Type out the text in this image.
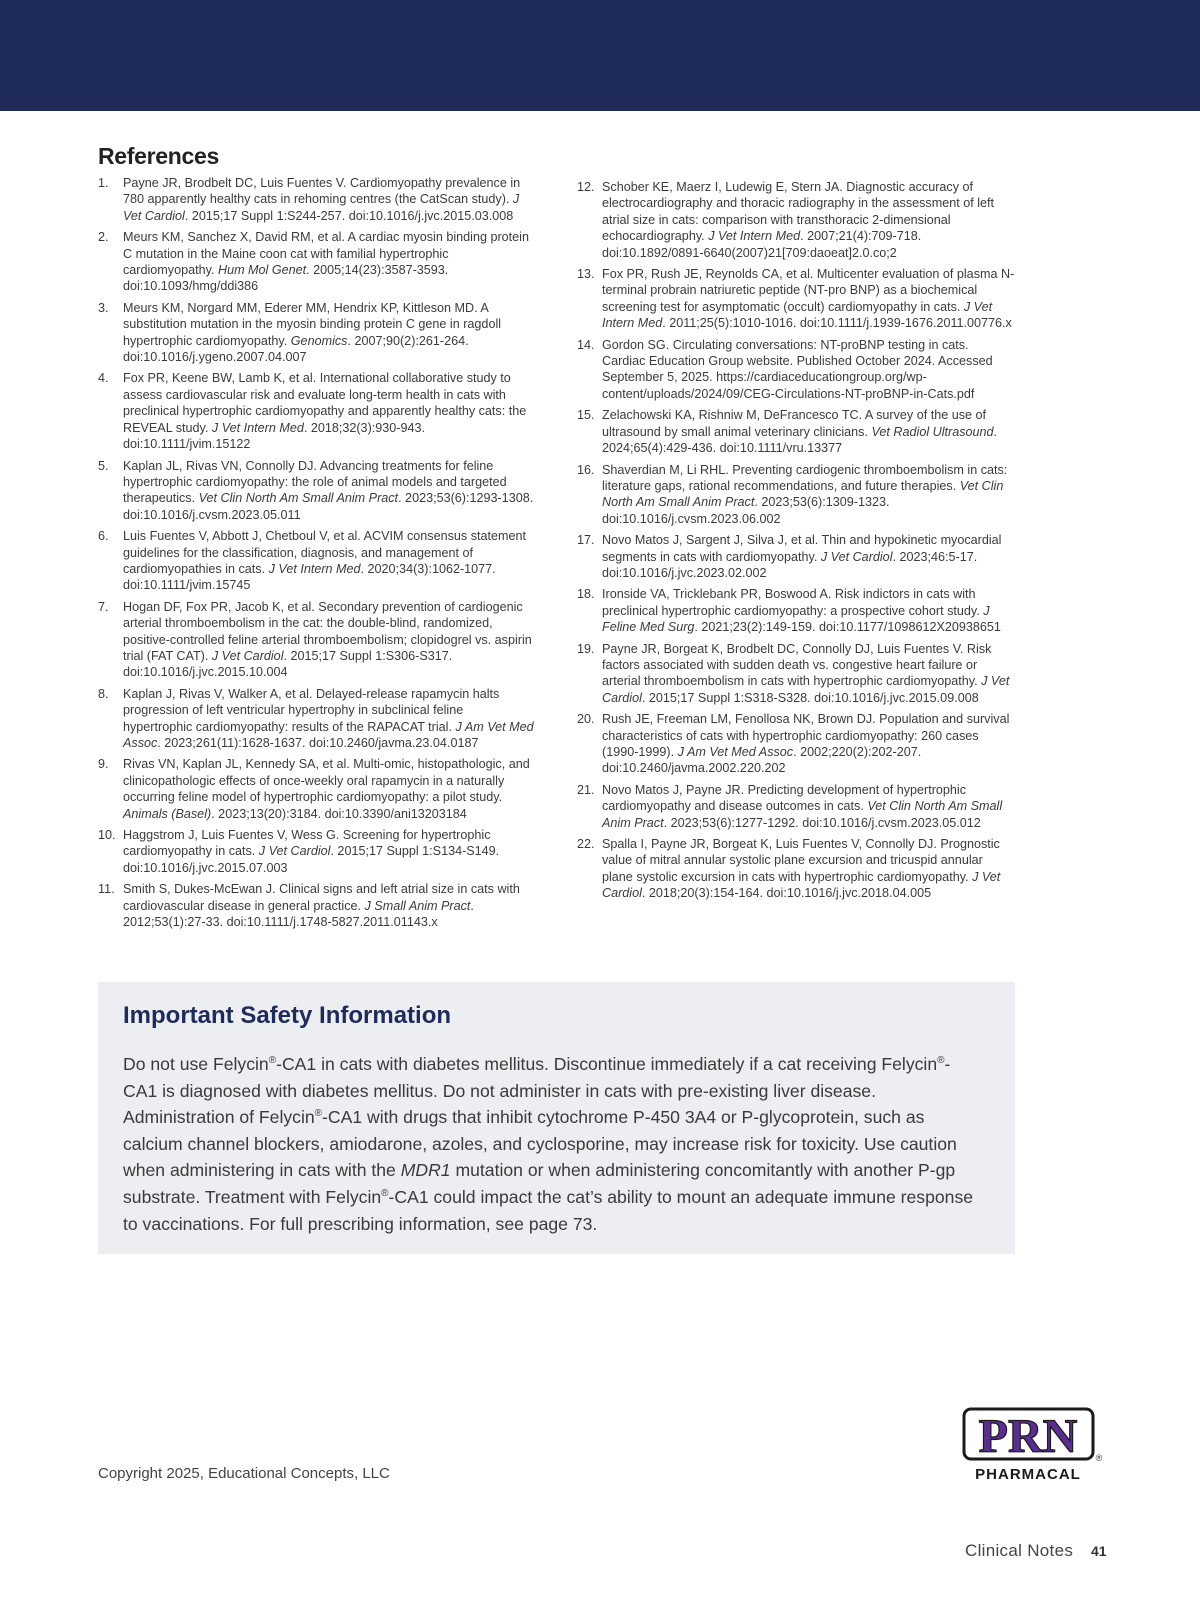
References
1.	Payne JR, Brodbelt DC, Luis Fuentes V. Cardiomyopathy prevalence in 780 apparently healthy cats in rehoming centres (the CatScan study). J Vet Cardiol. 2015;17 Suppl 1:S244-257. doi:10.1016/j.jvc.2015.03.008
2.	Meurs KM, Sanchez X, David RM, et al. A cardiac myosin binding protein C mutation in the Maine coon cat with familial hypertrophic cardiomyopathy. Hum Mol Genet. 2005;14(23):3587-3593. doi:10.1093/hmg/ddi386
3.	Meurs KM, Norgard MM, Ederer MM, Hendrix KP, Kittleson MD. A substitution mutation in the myosin binding protein C gene in ragdoll hypertrophic cardiomyopathy. Genomics. 2007;90(2):261-264. doi:10.1016/j.ygeno.2007.04.007
4.	Fox PR, Keene BW, Lamb K, et al. International collaborative study to assess cardiovascular risk and evaluate long-term health in cats with preclinical hypertrophic cardiomyopathy and apparently healthy cats: the REVEAL study. J Vet Intern Med. 2018;32(3):930-943. doi:10.1111/jvim.15122
5.	Kaplan JL, Rivas VN, Connolly DJ. Advancing treatments for feline hypertrophic cardiomyopathy: the role of animal models and targeted therapeutics. Vet Clin North Am Small Anim Pract. 2023;53(6):1293-1308. doi:10.1016/j.cvsm.2023.05.011
6.	Luis Fuentes V, Abbott J, Chetboul V, et al. ACVIM consensus statement guidelines for the classification, diagnosis, and management of cardiomyopathies in cats. J Vet Intern Med. 2020;34(3):1062-1077. doi:10.1111/jvim.15745
7.	Hogan DF, Fox PR, Jacob K, et al. Secondary prevention of cardiogenic arterial thromboembolism in the cat: the double-blind, randomized, positive-controlled feline arterial thromboembolism; clopidogrel vs. aspirin trial (FAT CAT). J Vet Cardiol. 2015;17 Suppl 1:S306-S317. doi:10.1016/j.jvc.2015.10.004
8.	Kaplan J, Rivas V, Walker A, et al. Delayed-release rapamycin halts progression of left ventricular hypertrophy in subclinical feline hypertrophic cardiomyopathy: results of the RAPACAT trial. J Am Vet Med Assoc. 2023;261(11):1628-1637. doi:10.2460/javma.23.04.0187
9.	Rivas VN, Kaplan JL, Kennedy SA, et al. Multi-omic, histopathologic, and clinicopathologic effects of once-weekly oral rapamycin in a naturally occurring feline model of hypertrophic cardiomyopathy: a pilot study. Animals (Basel). 2023;13(20):3184. doi:10.3390/ani13203184
10. Haggstrom J, Luis Fuentes V, Wess G. Screening for hypertrophic cardiomyopathy in cats. J Vet Cardiol. 2015;17 Suppl 1:S134-S149. doi:10.1016/j.jvc.2015.07.003
11. Smith S, Dukes-McEwan J. Clinical signs and left atrial size in cats with cardiovascular disease in general practice. J Small Anim Pract. 2012;53(1):27-33. doi:10.1111/j.1748-5827.2011.01143.x
12. Schober KE, Maerz I, Ludewig E, Stern JA. Diagnostic accuracy of electrocardiography and thoracic radiography in the assessment of left atrial size in cats: comparison with transthoracic 2-dimensional echocardiography. J Vet Intern Med. 2007;21(4):709-718. doi:10.1892/0891-6640(2007)21[709:daoeat]2.0.co;2
13. Fox PR, Rush JE, Reynolds CA, et al. Multicenter evaluation of plasma N-terminal probrain natriuretic peptide (NT-pro BNP) as a biochemical screening test for asymptomatic (occult) cardiomyopathy in cats. J Vet Intern Med. 2011;25(5):1010-1016. doi:10.1111/j.1939-1676.2011.00776.x
14. Gordon SG. Circulating conversations: NT-proBNP testing in cats. Cardiac Education Group website. Published October 2024. Accessed September 5, 2025. https://cardiaceducationgroup.org/wp-content/uploads/2024/09/CEG-Circulations-NT-proBNP-in-Cats.pdf
15. Zelachowski KA, Rishniw M, DeFrancesco TC. A survey of the use of ultrasound by small animal veterinary clinicians. Vet Radiol Ultrasound. 2024;65(4):429-436. doi:10.1111/vru.13377
16. Shaverdian M, Li RHL. Preventing cardiogenic thromboembolism in cats: literature gaps, rational recommendations, and future therapies. Vet Clin North Am Small Anim Pract. 2023;53(6):1309-1323. doi:10.1016/j.cvsm.2023.06.002
17. Novo Matos J, Sargent J, Silva J, et al. Thin and hypokinetic myocardial segments in cats with cardiomyopathy. J Vet Cardiol. 2023;46:5-17. doi:10.1016/j.jvc.2023.02.002
18. Ironside VA, Tricklebank PR, Boswood A. Risk indictors in cats with preclinical hypertrophic cardiomyopathy: a prospective cohort study. J Feline Med Surg. 2021;23(2):149-159. doi:10.1177/1098612X20938651
19. Payne JR, Borgeat K, Brodbelt DC, Connolly DJ, Luis Fuentes V. Risk factors associated with sudden death vs. congestive heart failure or arterial thromboembolism in cats with hypertrophic cardiomyopathy. J Vet Cardiol. 2015;17 Suppl 1:S318-S328. doi:10.1016/j.jvc.2015.09.008
20. Rush JE, Freeman LM, Fenollosa NK, Brown DJ. Population and survival characteristics of cats with hypertrophic cardiomyopathy: 260 cases (1990-1999). J Am Vet Med Assoc. 2002;220(2):202-207. doi:10.2460/javma.2002.220.202
21. Novo Matos J, Payne JR. Predicting development of hypertrophic cardiomyopathy and disease outcomes in cats. Vet Clin North Am Small Anim Pract. 2023;53(6):1277-1292. doi:10.1016/j.cvsm.2023.05.012
22. Spalla I, Payne JR, Borgeat K, Luis Fuentes V, Connolly DJ. Prognostic value of mitral annular systolic plane excursion and tricuspid annular plane systolic excursion in cats with hypertrophic cardiomyopathy. J Vet Cardiol. 2018;20(3):154-164. doi:10.1016/j.jvc.2018.04.005
Important Safety Information
Do not use Felycin®-CA1 in cats with diabetes mellitus. Discontinue immediately if a cat receiving Felycin®-CA1 is diagnosed with diabetes mellitus. Do not administer in cats with pre-existing liver disease. Administration of Felycin®-CA1 with drugs that inhibit cytochrome P-450 3A4 or P-glycoprotein, such as calcium channel blockers, amiodarone, azoles, and cyclosporine, may increase risk for toxicity. Use caution when administering in cats with the MDR1 mutation or when administering concomitantly with another P-gp substrate. Treatment with Felycin®-CA1 could impact the cat’s ability to mount an adequate immune response to vaccinations. For full prescribing information, see page 73.
Copyright 2025, Educational Concepts, LLC
PRN ®
PHARMACAL
Clinical Notes 41
